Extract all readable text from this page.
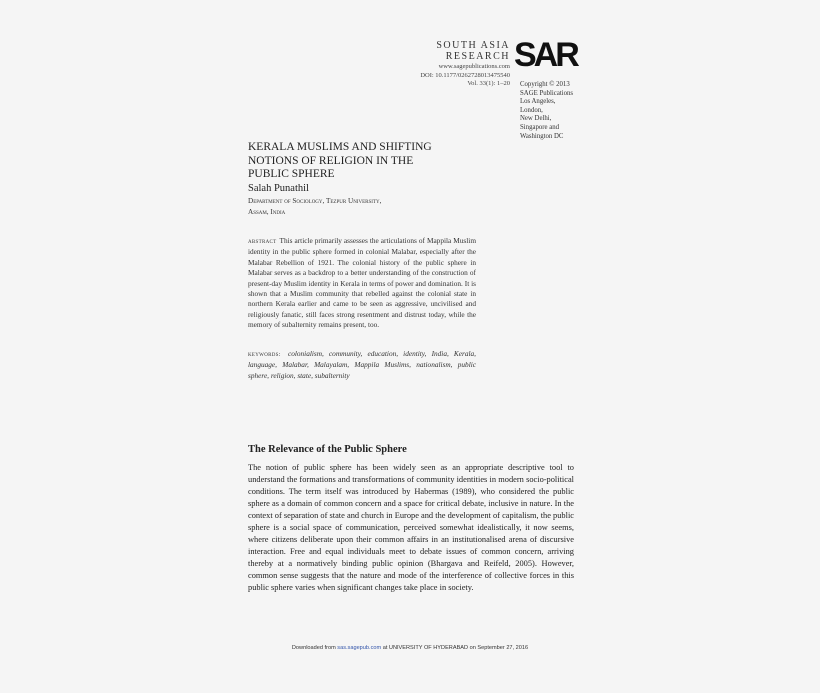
SOUTH ASIA
RESEARCH
www.sagepublications.com
DOI: 10.1177/0262728013475540
Vol. 33(1): 1–20
SAR
Copyright © 2013
SAGE Publications
Los Angeles,
London,
New Delhi,
Singapore and
Washington DC
KERALA MUSLIMS AND SHIFTING
NOTIONS OF RELIGION IN THE
PUBLIC SPHERE
Salah Punathil
Department of Sociology, Tezpur University,
Assam, India
abstract This article primarily assesses the articulations of Mappila Muslim identity in the public sphere formed in colonial Malabar, especially after the Malabar Rebellion of 1921. The colonial history of the public sphere in Malabar serves as a backdrop to a better understanding of the construction of present-day Muslim identity in Kerala in terms of power and domination. It is shown that a Muslim community that rebelled against the colonial state in northern Kerala earlier and came to be seen as aggressive, uncivilised and religiously fanatic, still faces strong resentment and distrust today, while the memory of subalternity remains present, too.
keywords: colonialism, community, education, identity, India, Kerala, language, Malabar, Malayalam, Mappila Muslims, nationalism, public sphere, religion, state, subalternity
The Relevance of the Public Sphere
The notion of public sphere has been widely seen as an appropriate descriptive tool to understand the formations and transformations of community identities in modern socio-political conditions. The term itself was introduced by Habermas (1989), who considered the public sphere as a domain of common concern and a space for critical debate, inclusive in nature. In the context of separation of state and church in Europe and the development of capitalism, the public sphere is a social space of communication, perceived somewhat idealistically, it now seems, where citizens deliberate upon their common affairs in an institutionalised arena of discursive interaction. Free and equal individuals meet to debate issues of common concern, arriving thereby at a normatively binding public opinion (Bhargava and Reifeld, 2005). However, common sense suggests that the nature and mode of the interference of collective forces in this public sphere varies when significant changes take place in society.
Downloaded from sas.sagepub.com at UNIVERSITY OF HYDERABAD on September 27, 2016
